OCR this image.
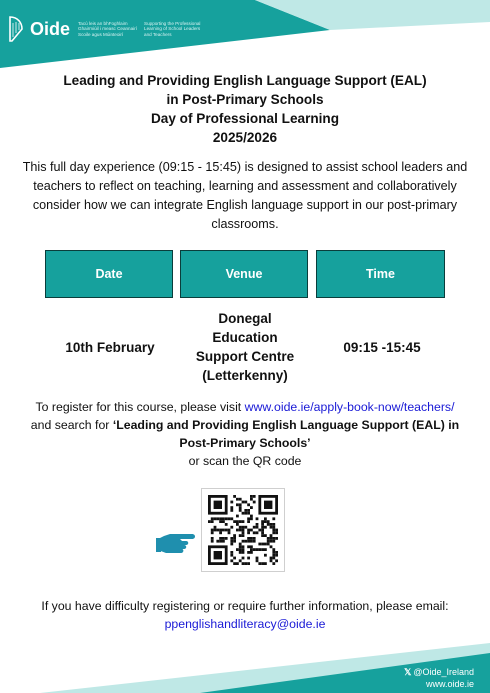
Oide Tacú leis an bhFoghlaim Ghairmiúil i measc Ceannairí Scoile agus Múinteoirí
Supporting the Professional Learning of School Leaders and Teachers
Leading and Providing English Language Support (EAL)
in Post-Primary Schools
Day of Professional Learning
2025/2026
This full day experience (09:15 - 15:45) is designed to assist school leaders and teachers to reflect on teaching, learning and assessment and collaboratively consider how we can integrate English language support in our post-primary classrooms.
Date	Venue	Time
10th February
Donegal Education Support Centre (Letterkenny)
09:15 -15:45
To register for this course, please visit www.oide.ie/apply-book-now/teachers/ and search for ‘Leading and Providing English Language Support (EAL) in Post-Primary Schools’
or scan the QR code
If you have difficulty registering or require further information, please email: ppenglishandliteracy@oide.ie
𝕏 @Oide_Ireland
www.oide.ie
